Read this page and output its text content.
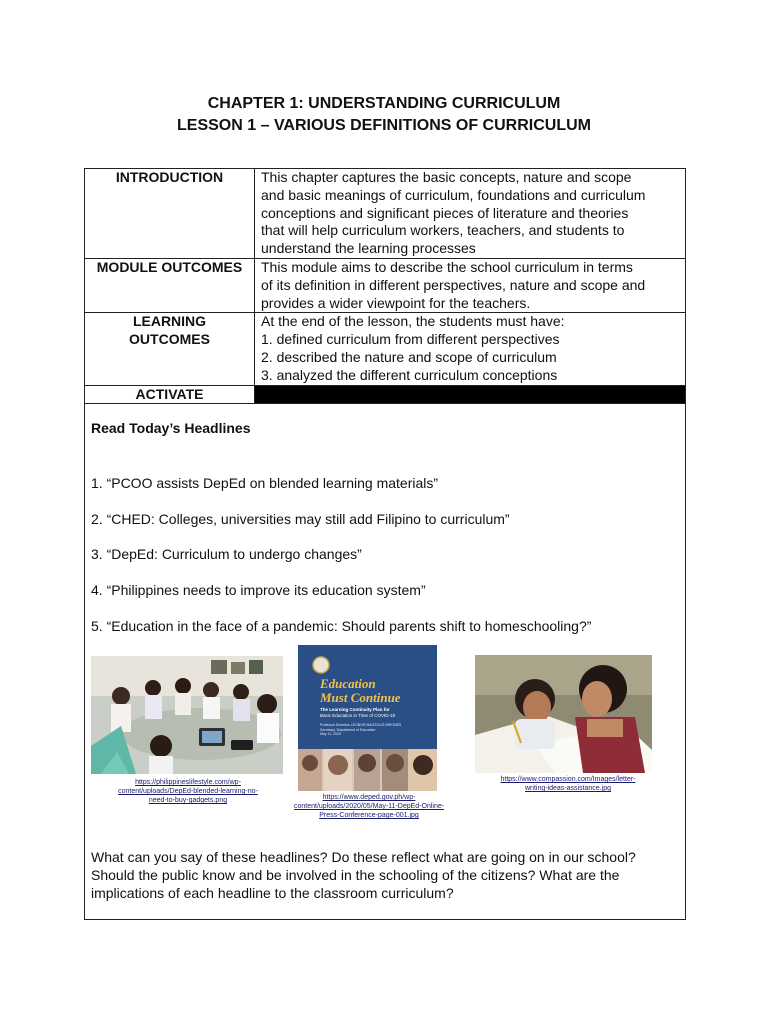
CHAPTER 1: UNDERSTANDING CURRICULUM
LESSON 1 – VARIOUS DEFINITIONS OF CURRICULUM
INTRODUCTION	This chapter captures the basic concepts, nature and scope
and basic meanings of curriculum, foundations and curriculum
conceptions and significant pieces of literature and theories
that will help curriculum workers, teachers, and students to
understand the learning processes

MODULE OUTCOMES	This module aims to describe the school curriculum in terms
of its definition in different perspectives, nature and scope and
provides a wider viewpoint for the teachers.

LEARNING
OUTCOMES	At the end of the lesson, the students must have:
1. defined curriculum from different perspectives
2. described the nature and scope of curriculum
3. analyzed the different curriculum conceptions

ACTIVATE	
Read Today’s Headlines
1. “PCOO assists DepEd on blended learning materials”
2. “CHED: Colleges, universities may still add Filipino to curriculum”
3. “DepEd: Curriculum to undergo changes”
4. “Philippines needs to improve its education system”
5. “Education in the face of a pandemic: Should parents shift to homeschooling?”
https://philippineslifestyle.com/wp-
content/uploads/DepEd-blended-learning-no-
need-to-buy-gadgets.png
Education
Must Continue
The Learning Continuity Plan for
Basic Education in Time of COVID-19
Professor Emeritus LEONOR MAGTOLIS BRIONES
Secretary, Department of Education
May 11, 2020
https://www.deped.gov.ph/wp-
content/uploads/2020/05/May-11-DepEd-Online-
Press-Conference-page-001.jpg
https://www.compassion.com/Images/letter-
writing-ideas-assistance.jpg
What can you say of these headlines? Do these reflect what are going on in our school?
Should the public know and be involved in the schooling of the citizens? What are the
implications of each headline to the classroom curriculum?
